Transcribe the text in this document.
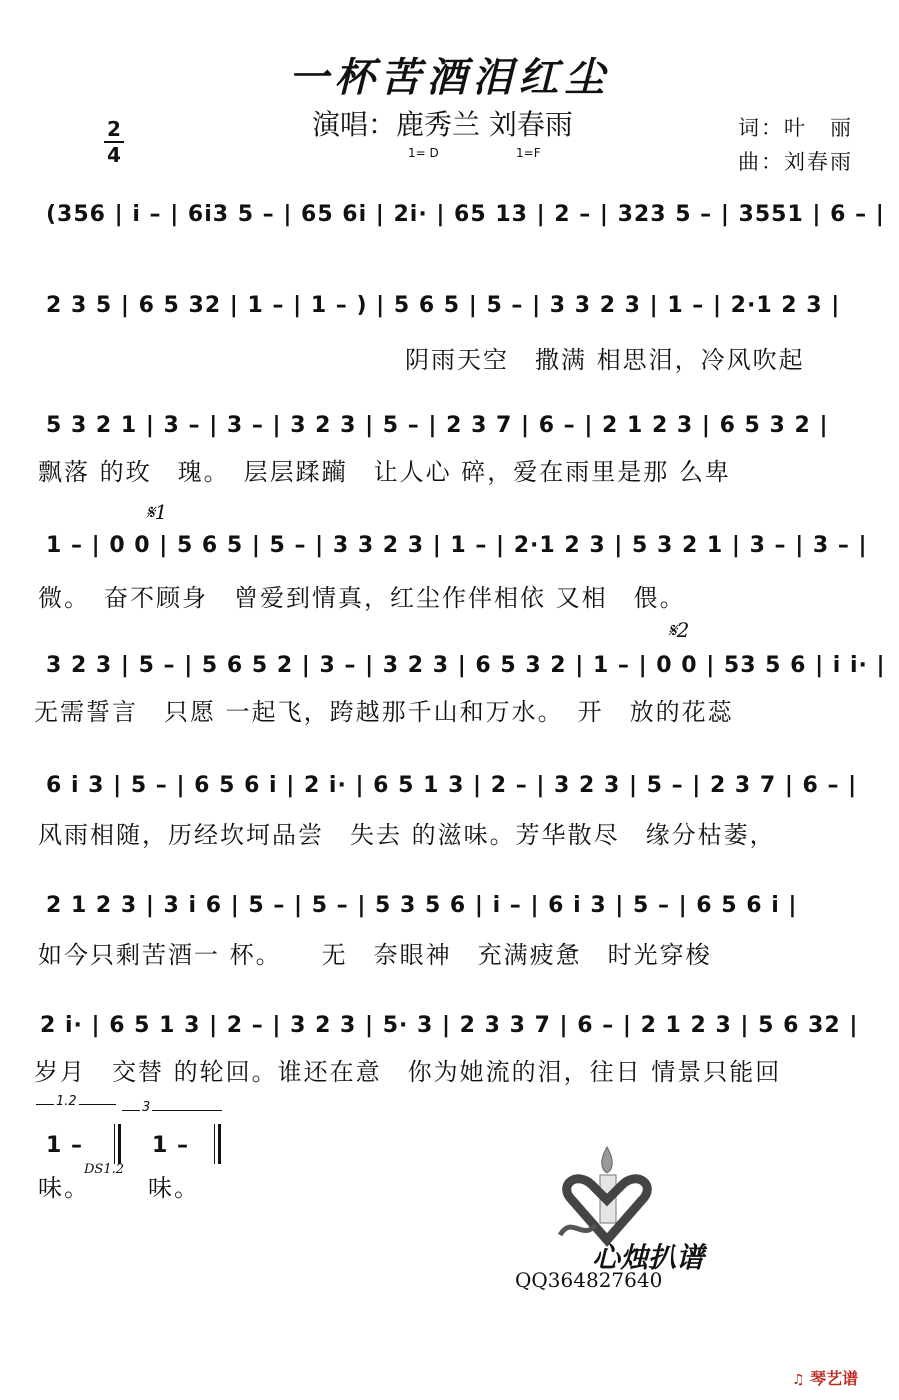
一杯苦酒泪红尘
演唱：鹿秀兰 刘春雨	词：叶　丽
曲：刘春雨
1= D	1=F
2
4
(356 | i – | 6i3 5 – | 65 6i | 2i· | 65 13 | 2 – | 323 5 – | 3551 | 6 – |
2 3 5 | 6 5 32 | 1 – | 1 – ) | 5 6 5 | 5 – | 3 3 2 3 | 1 – | 2·1 2 3 |
阴雨天空　撒满 相思泪，冷风吹起
5 3 2 1 | 3 – | 3 – | 3 2 3 | 5 – | 2 3 7 | 6 – | 2 1 2 3 | 6 5 3 2 |
飘落 的玫　瑰。　层层蹂躏　让人心 碎，爱在雨里是那 么卑
𝄋1
1 – | 0 0 | 5 6 5 | 5 – | 3 3 2 3 | 1 – | 2·1 2 3 | 5 3 2 1 | 3 – | 3 – |
微。　奋不顾身　曾爱到情真，红尘作伴相依 又相　偎。
𝄋2
3 2 3 | 5 – | 5 6 5 2 | 3 – | 3 2 3 | 6 5 3 2 | 1 – | 0 0 | 53 5 6 | i i· |
无需誓言　只愿 一起飞，跨越那千山和万水。　开　放的花蕊
6 i 3 | 5 – | 6 5 6 i | 2 i· | 6 5 1 3 | 2 – | 3 2 3 | 5 – | 2 3 7 | 6 – |
风雨相随，历经坎坷品尝　失去 的滋味。芳华散尽　缘分枯萎，
2 1 2 3 | 3 i 6 | 5 – | 5 – | 5 3 5 6 | i – | 6 i 3 | 5 – | 6 5 6 i |
如今只剩苦酒一 杯。　　无　奈眼神　充满疲惫　时光穿梭
2 i· | 6 5 1 3 | 2 – | 3 2 3 | 5· 3 | 2 3 3 7 | 6 – | 2 1 2 3 | 5 6 32 |
岁月　交替 的轮回。谁还在意　你为她流的泪，往日 情景只能回
1.2	3
1 –	1 –
味。
DS1.2
味。
心烛扒谱
QQ364827640
♫ 琴艺谱
